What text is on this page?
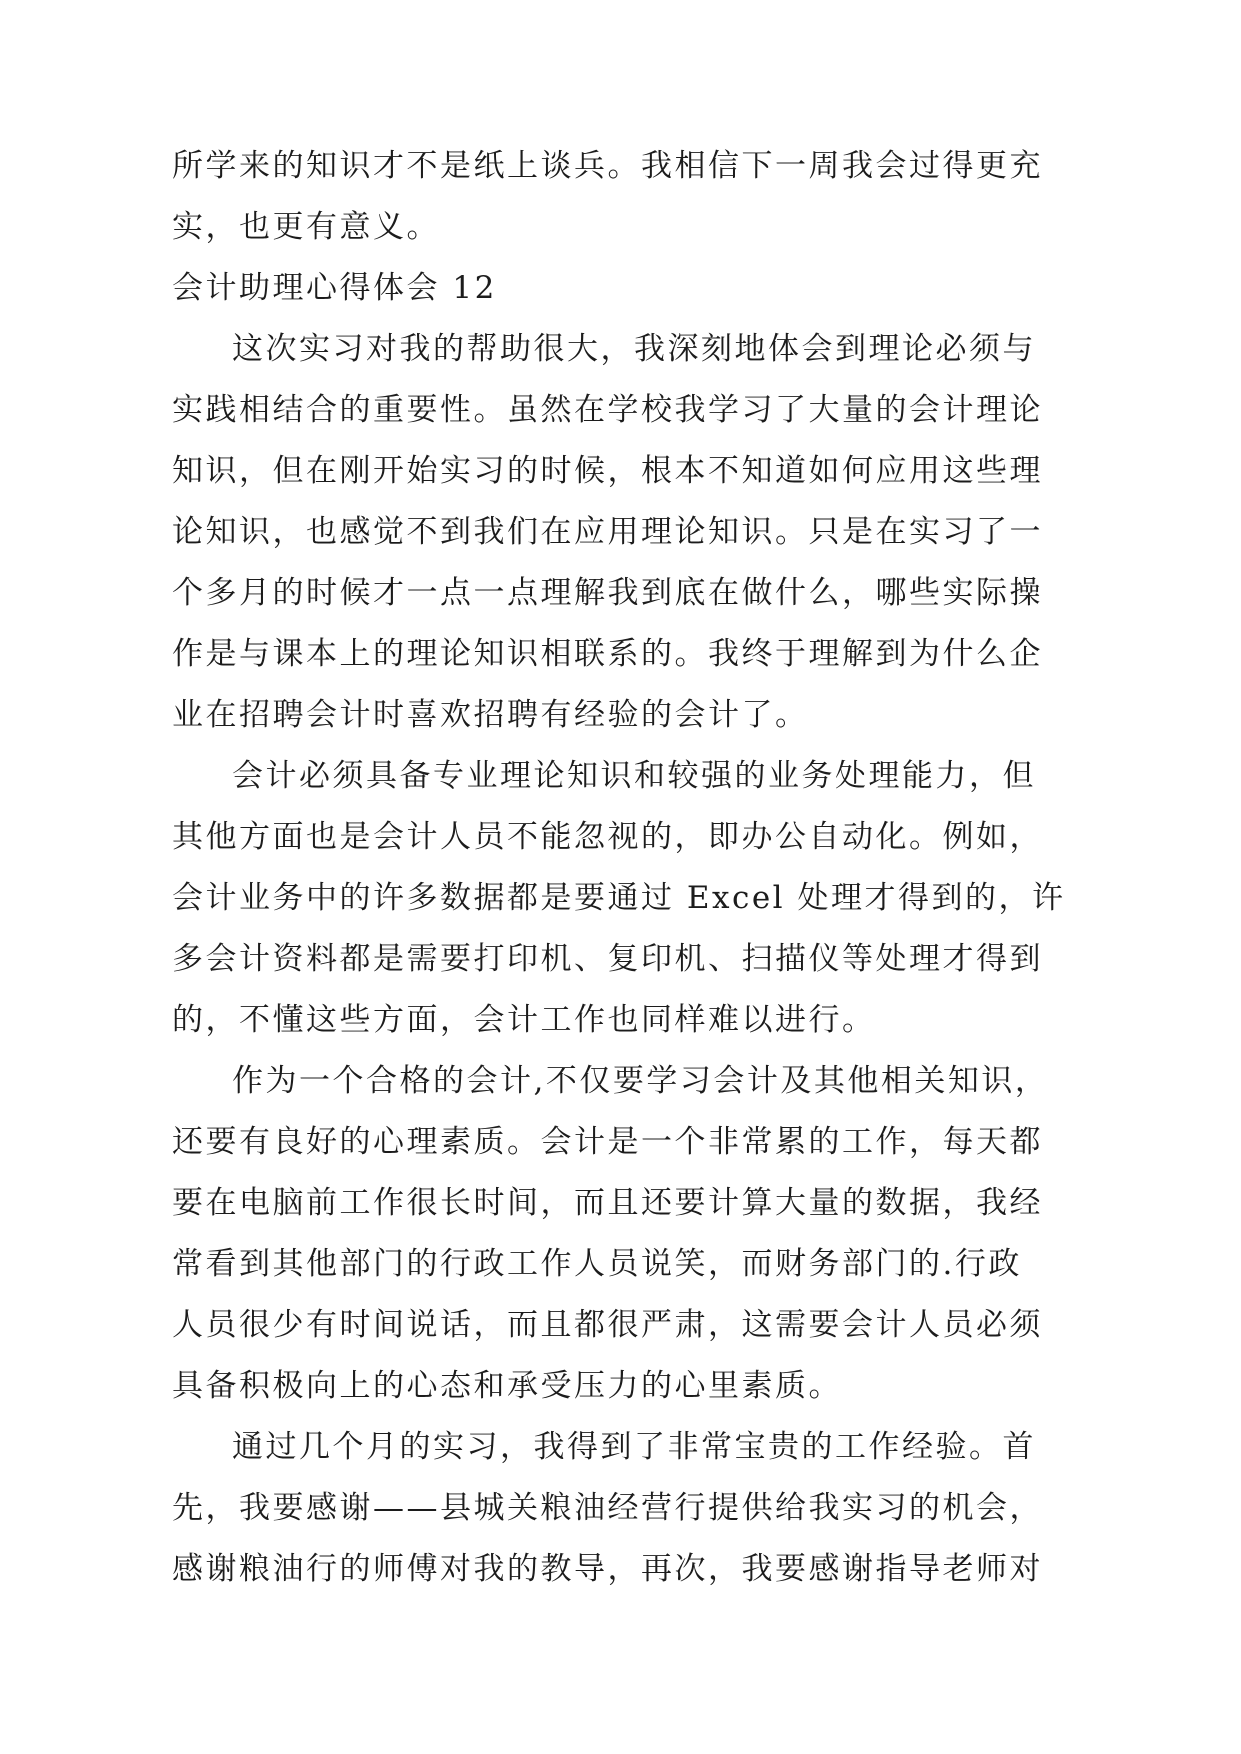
所学来的知识才不是纸上谈兵。我相信下一周我会过得更充

实，也更有意义。

会计助理心得体会 12

这次实习对我的帮助很大，我深刻地体会到理论必须与

实践相结合的重要性。虽然在学校我学习了大量的会计理论

知识，但在刚开始实习的时候，根本不知道如何应用这些理

论知识，也感觉不到我们在应用理论知识。只是在实习了一

个多月的时候才一点一点理解我到底在做什么，哪些实际操

作是与课本上的理论知识相联系的。我终于理解到为什么企

业在招聘会计时喜欢招聘有经验的会计了。

会计必须具备专业理论知识和较强的业务处理能力，但

其他方面也是会计人员不能忽视的，即办公自动化。例如，

会计业务中的许多数据都是要通过 Excel 处理才得到的，许

多会计资料都是需要打印机、复印机、扫描仪等处理才得到

的，不懂这些方面，会计工作也同样难以进行。

作为一个合格的会计,不仅要学习会计及其他相关知识，

还要有良好的心理素质。会计是一个非常累的工作，每天都

要在电脑前工作很长时间，而且还要计算大量的数据，我经

常看到其他部门的行政工作人员说笑，而财务部门的.行政

人员很少有时间说话，而且都很严肃，这需要会计人员必须

具备积极向上的心态和承受压力的心里素质。

通过几个月的实习，我得到了非常宝贵的工作经验。首

先，我要感谢——县城关粮油经营行提供给我实习的机会，

感谢粮油行的师傅对我的教导，再次，我要感谢指导老师对
